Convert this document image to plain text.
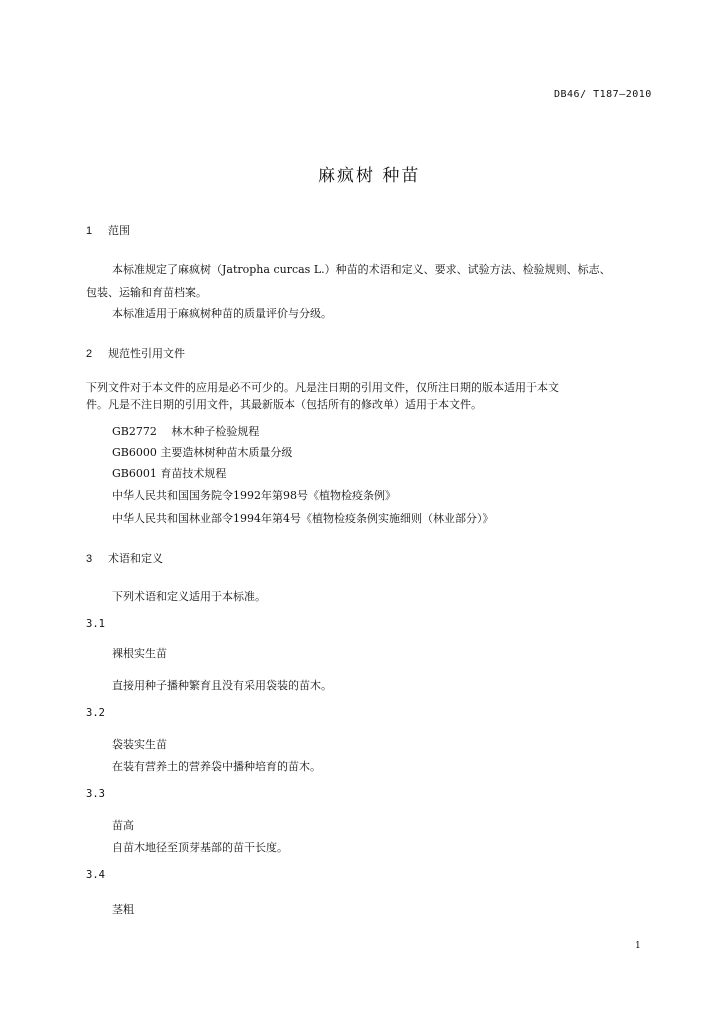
DB46/ T187—2010
麻疯树 种苗
1 范围
本标准规定了麻疯树（Jatropha curcas L.）种苗的术语和定义、要求、试验方法、检验规则、标志、
包装、运输和育苗档案。
本标准适用于麻疯树种苗的质量评价与分级。
2 规范性引用文件
下列文件对于本文件的应用是必不可少的。凡是注日期的引用文件，仅所注日期的版本适用于本文
件。凡是不注日期的引用文件，其最新版本（包括所有的修改单）适用于本文件。
GB2772　 林木种子检验规程
GB6000 主要造林树种苗木质量分级
GB6001 育苗技术规程
中华人民共和国国务院令1992年第98号《植物检疫条例》
中华人民共和国林业部令1994年第4号《植物检疫条例实施细则（林业部分）》
3 术语和定义
下列术语和定义适用于本标准。
3.1
裸根实生苗
直接用种子播种繁育且没有采用袋装的苗木。
3.2
袋装实生苗
在装有营养土的营养袋中播种培育的苗木。
3.3
苗高
自苗木地径至顶芽基部的苗干长度。
3.4
茎粗
1
